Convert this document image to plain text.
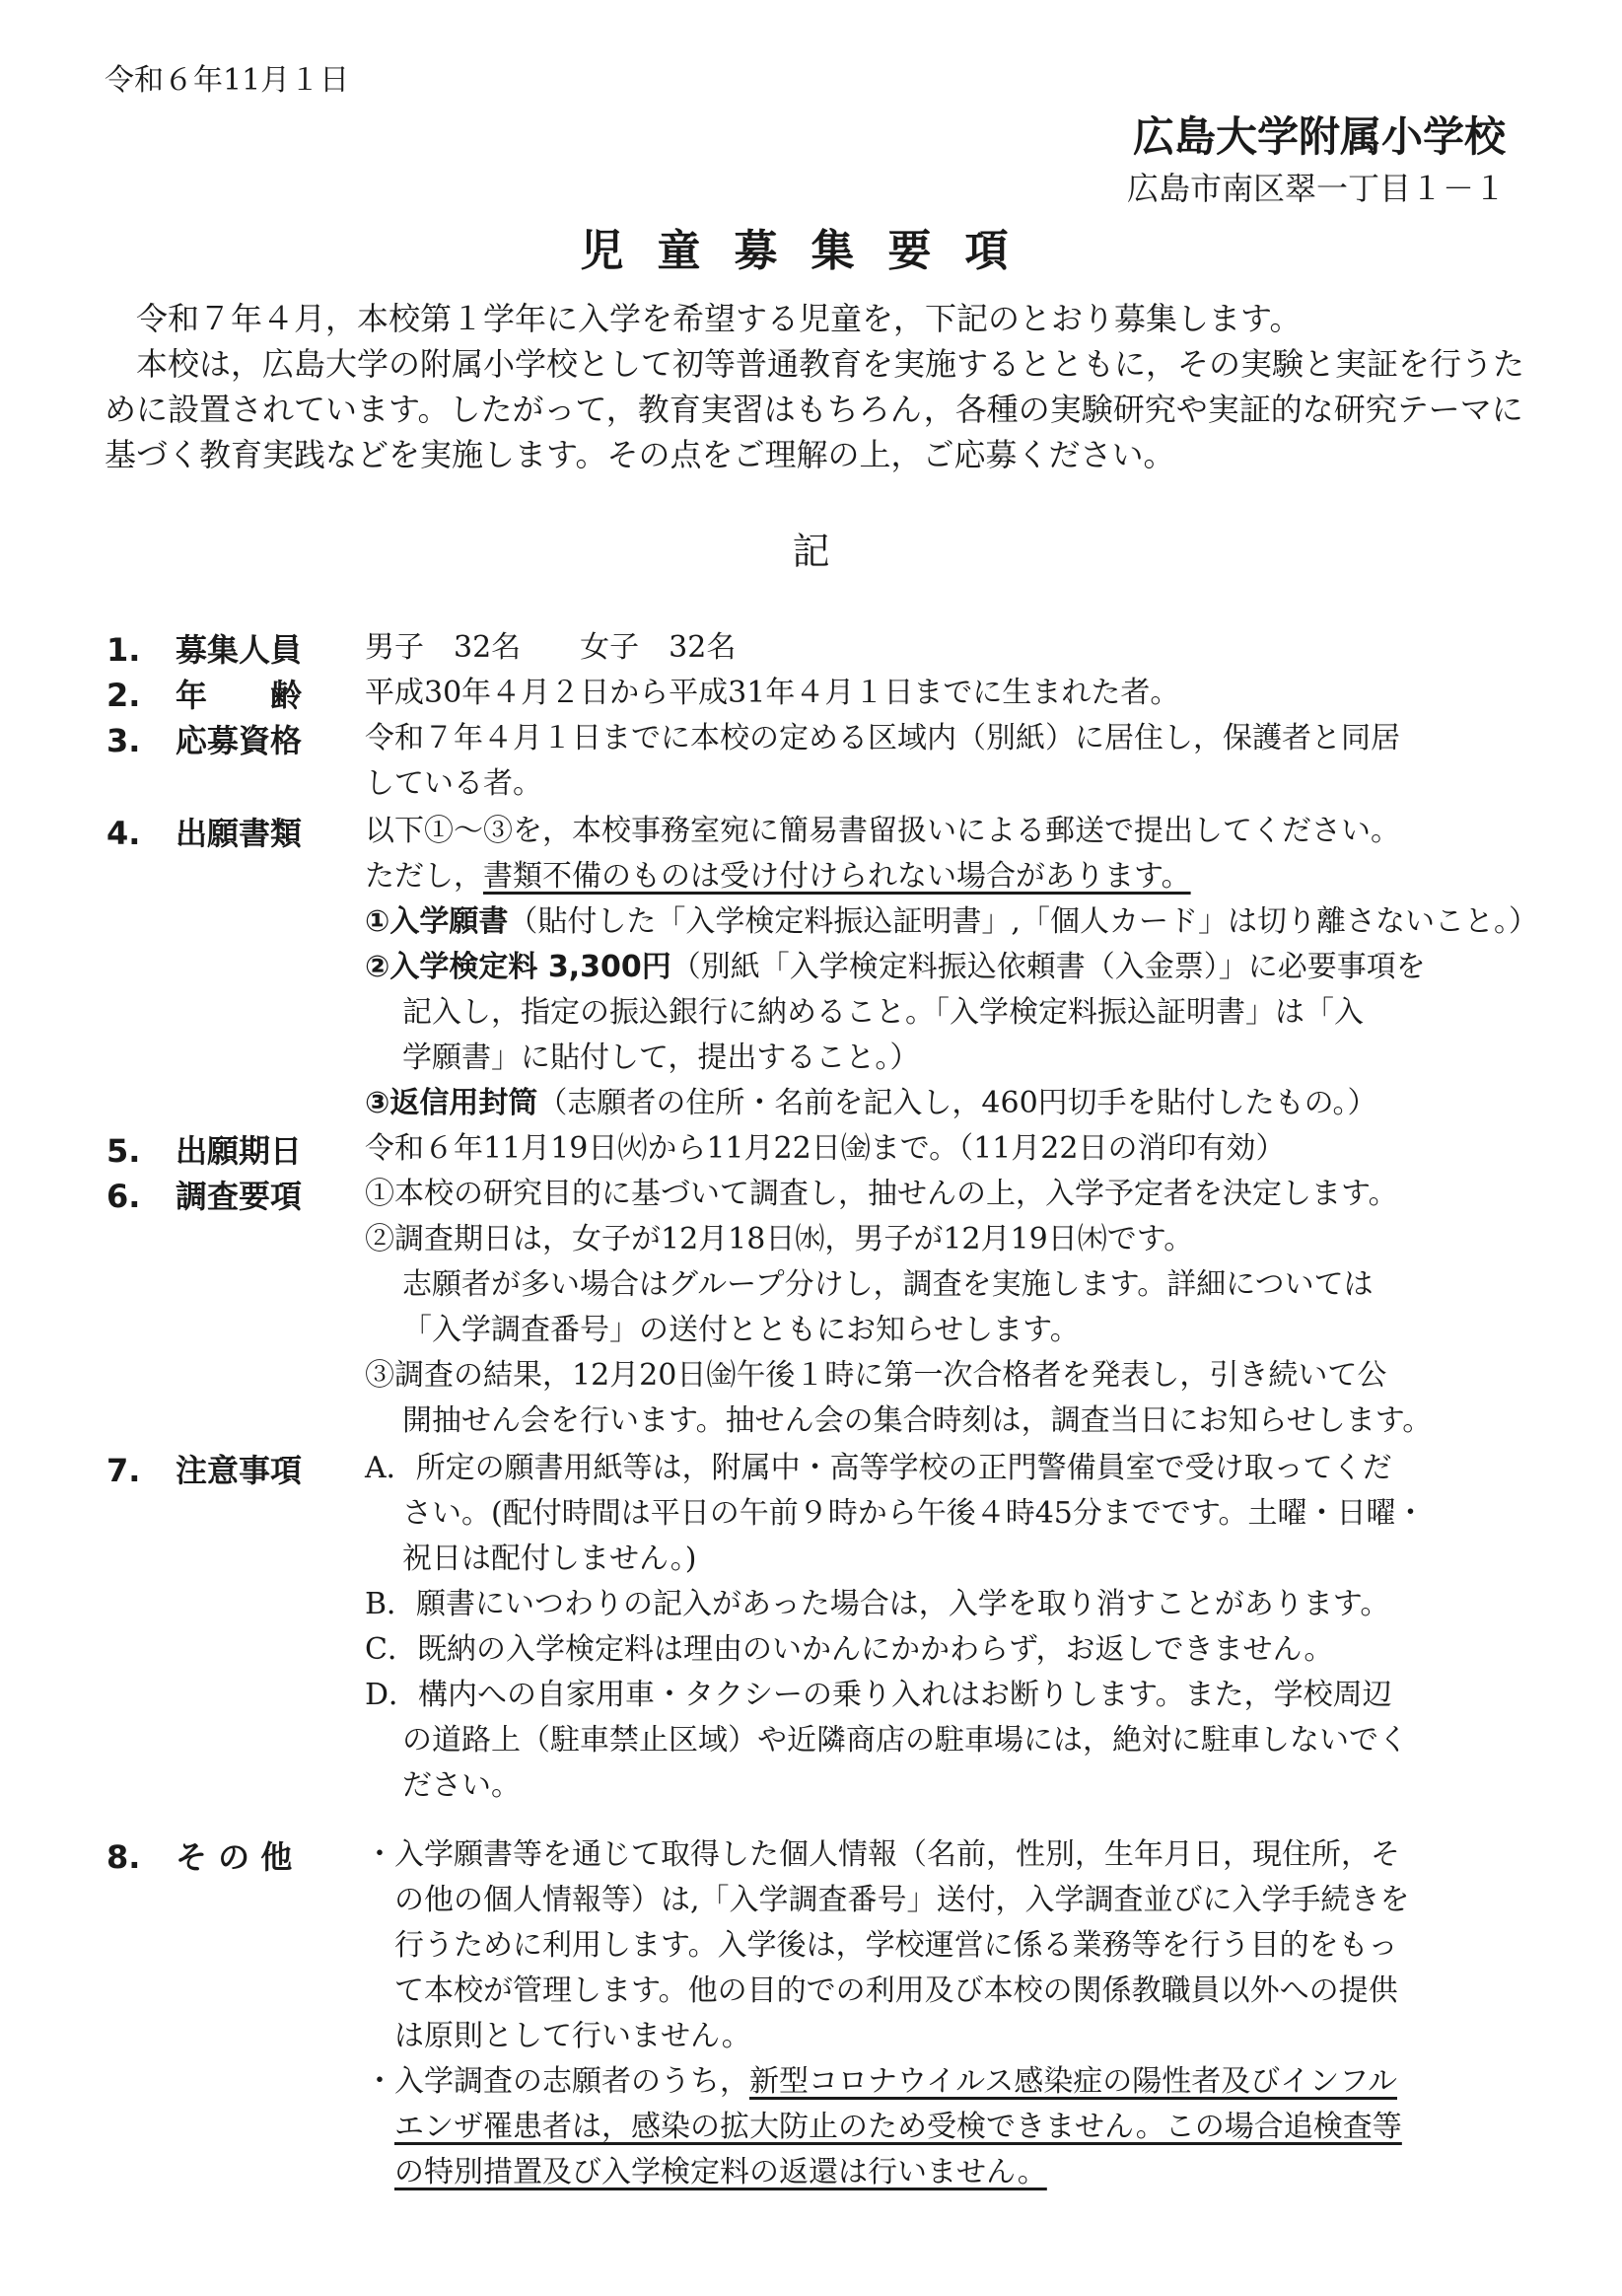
令和６年11月１日
広島大学附属小学校
広島市南区翠一丁目１－１
児童募集要項

令和７年４月，本校第１学年に入学を希望する児童を，下記のとおり募集します。

本校は，広島大学の附属小学校として初等普通教育を実施するとともに，その実験と実証を行うために設置されています。したがって，教育実習はもちろん，各種の実験研究や実証的な研究テーマに基づく教育実践などを実施します。その点をご理解の上，ご応募ください。

記
1. 募集人員	男子　32名　　女子　32名
2. 年　　齢	平成30年４月２日から平成31年４月１日までに生まれた者。
3. 応募資格	令和７年４月１日までに本校の定める区域内（別紙）に居住し，保護者と同居
している者。
4. 出願書類	以下①～③を，本校事務室宛に簡易書留扱いによる郵送で提出してください。
ただし，書類不備のものは受け付けられない場合があります。
①入学願書（貼付した「入学検定料振込証明書」,「個人カード」は切り離さないこと。）
②入学検定料 3,300円（別紙「入学検定料振込依頼書（入金票）」に必要事項を
記入し，指定の振込銀行に納めること。「入学検定料振込証明書」は「入
学願書」に貼付して，提出すること。）
③返信用封筒（志願者の住所・名前を記入し，460円切手を貼付したもの。）
5. 出願期日	令和６年11月19日㈫から11月22日㈮まで。（11月22日の消印有効）
6. 調査要項	①本校の研究目的に基づいて調査し，抽せんの上，入学予定者を決定します。
②調査期日は，女子が12月18日㈬，男子が12月19日㈭です。
志願者が多い場合はグループ分けし，調査を実施します。詳細については
「入学調査番号」の送付とともにお知らせします。
③調査の結果，12月20日㈮午後１時に第一次合格者を発表し，引き続いて公
開抽せん会を行います。抽せん会の集合時刻は，調査当日にお知らせします。
7. 注意事項	A．所定の願書用紙等は，附属中・高等学校の正門警備員室で受け取ってくだ
さい。(配付時間は平日の午前９時から午後４時45分までです。土曜・日曜・
祝日は配付しません。)
B．願書にいつわりの記入があった場合は，入学を取り消すことがあります。
C．既納の入学検定料は理由のいかんにかかわらず，お返しできません。
D．構内への自家用車・タクシーの乗り入れはお断りします。また，学校周辺
の道路上（駐車禁止区域）や近隣商店の駐車場には，絶対に駐車しないでく
ださい。
8. そ の 他	・入学願書等を通じて取得した個人情報（名前，性別，生年月日，現住所，そ
の他の個人情報等）は,「入学調査番号」送付，入学調査並びに入学手続きを
行うために利用します。入学後は，学校運営に係る業務等を行う目的をもっ
て本校が管理します。他の目的での利用及び本校の関係教職員以外への提供
は原則として行いません。
・入学調査の志願者のうち，新型コロナウイルス感染症の陽性者及びインフル
エンザ罹患者は，感染の拡大防止のため受検できません。この場合追検査等
の特別措置及び入学検定料の返還は行いません。
